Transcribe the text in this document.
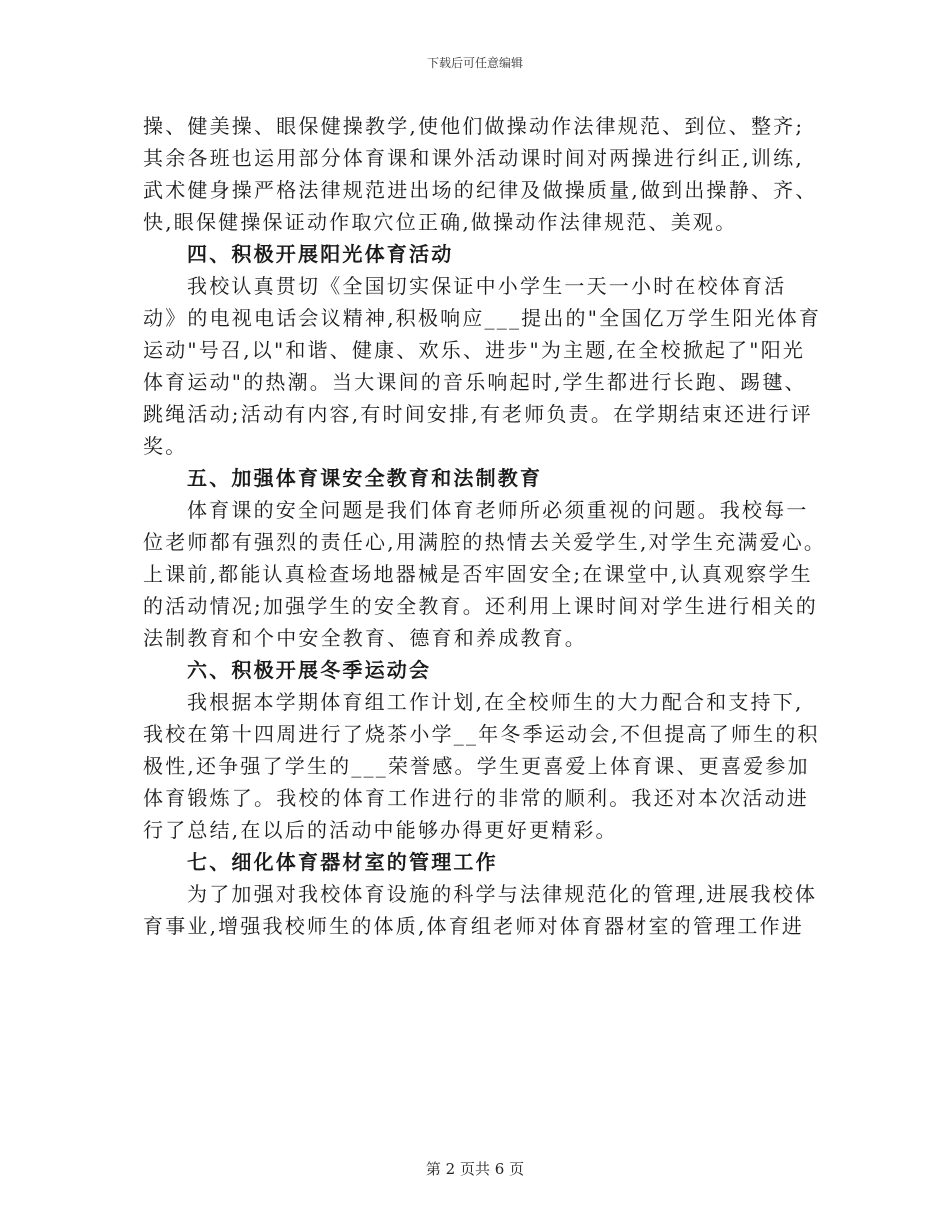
下载后可任意编辑
操、健美操、眼保健操教学,使他们做操动作法律规范、到位、整齐;
其余各班也运用部分体育课和课外活动课时间对两操进行纠正,训练,
武术健身操严格法律规范进出场的纪律及做操质量,做到出操静、齐、
快,眼保健操保证动作取穴位正确,做操动作法律规范、美观。
四、积极开展阳光体育活动
我校认真贯切《全国切实保证中小学生一天一小时在校体育活
动》的电视电话会议精神,积极响应___提出的"全国亿万学生阳光体育
运动"号召,以"和谐、健康、欢乐、进步"为主题,在全校掀起了"阳光
体育运动"的热潮。当大课间的音乐响起时,学生都进行长跑、踢毽、
跳绳活动;活动有内容,有时间安排,有老师负责。在学期结束还进行评
奖。
五、加强体育课安全教育和法制教育
体育课的安全问题是我们体育老师所必须重视的问题。我校每一
位老师都有强烈的责任心,用满腔的热情去关爱学生,对学生充满爱心。
上课前,都能认真检查场地器械是否牢固安全;在课堂中,认真观察学生
的活动情况;加强学生的安全教育。还利用上课时间对学生进行相关的
法制教育和个中安全教育、德育和养成教育。
六、积极开展冬季运动会
我根据本学期体育组工作计划,在全校师生的大力配合和支持下,
我校在第十四周进行了烧茶小学__年冬季运动会,不但提高了师生的积
极性,还争强了学生的___荣誉感。学生更喜爱上体育课、更喜爱参加
体育锻炼了。我校的体育工作进行的非常的顺利。我还对本次活动进
行了总结,在以后的活动中能够办得更好更精彩。
七、细化体育器材室的管理工作
为了加强对我校体育设施的科学与法律规范化的管理,进展我校体
育事业,增强我校师生的体质,体育组老师对体育器材室的管理工作进
第 2 页共 6 页
